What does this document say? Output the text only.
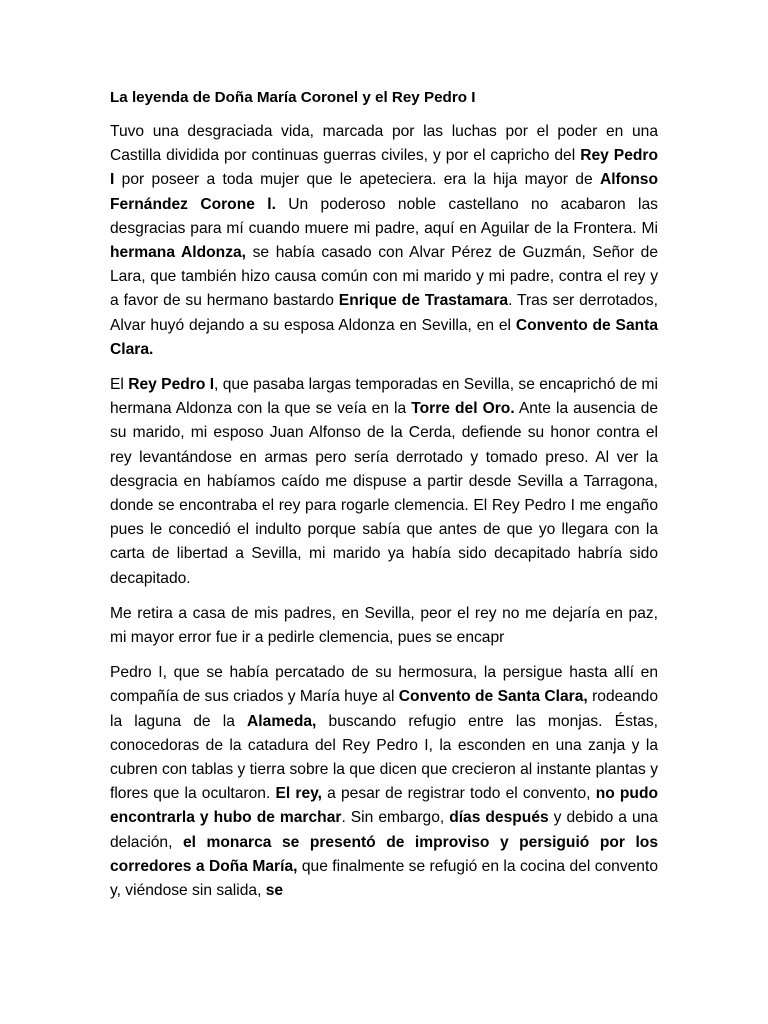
La leyenda de Doña María Coronel y el Rey Pedro I
Tuvo una desgraciada vida, marcada por las luchas por el poder en una Castilla dividida por continuas guerras civiles, y por el capricho del Rey Pedro I por poseer a toda mujer que le apeteciera. era la hija mayor de Alfonso Fernández Corone l. Un poderoso noble castellano no acabaron las desgracias para mí cuando muere mi padre, aquí en Aguilar de la Frontera. Mi hermana Aldonza, se había casado con Alvar Pérez de Guzmán, Señor de Lara, que también hizo causa común con mi marido y mi padre, contra el rey y a favor de su hermano bastardo Enrique de Trastamara. Tras ser derrotados, Alvar huyó dejando a su esposa Aldonza en Sevilla, en el Convento de Santa Clara.
El Rey Pedro I, que pasaba largas temporadas en Sevilla, se encaprichó de mi hermana Aldonza con la que se veía en la Torre del Oro. Ante la ausencia de su marido, mi esposo Juan Alfonso de la Cerda, defiende su honor contra el rey levantándose en armas pero sería derrotado y tomado preso. Al ver la desgracia en habíamos caído me dispuse a partir desde Sevilla a Tarragona, donde se encontraba el rey para rogarle clemencia. El Rey Pedro I me engaño pues le concedió el indulto porque sabía que antes de que yo llegara con la carta de libertad a Sevilla, mi marido ya había sido decapitado habría sido decapitado.
Me retira a casa de mis padres, en Sevilla, peor el rey no me dejaría en paz, mi mayor error fue ir a pedirle clemencia, pues se encapr
Pedro I, que se había percatado de su hermosura, la persigue hasta allí en compañía de sus criados y María huye al Convento de Santa Clara, rodeando la laguna de la Alameda, buscando refugio entre las monjas. Éstas, conocedoras de la catadura del Rey Pedro I, la esconden en una zanja y la cubren con tablas y tierra sobre la que dicen que crecieron al instante plantas y flores que la ocultaron. El rey, a pesar de registrar todo el convento, no pudo encontrarla y hubo de marchar. Sin embargo, días después y debido a una delación, el monarca se presentó de improviso y persiguió por los corredores a Doña María, que finalmente se refugió en la cocina del convento y, viéndose sin salida, se
